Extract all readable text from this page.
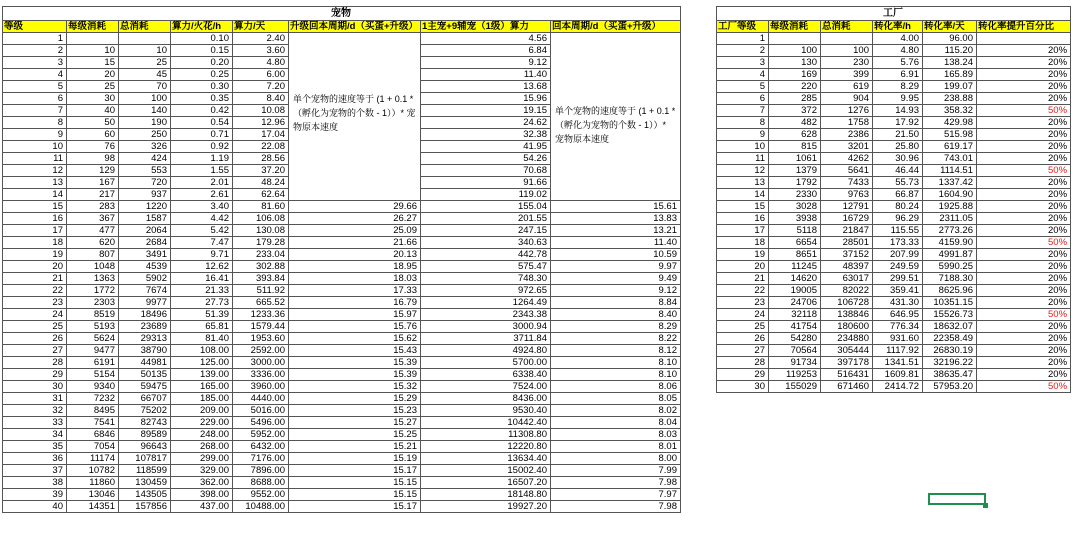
宠物							
等级	每级消耗	总消耗	算力/火花/h	算力/天	升级回本周期/d（买蛋+升级）	1主宠+9辅宠（1级）算力	回本周期/d（买蛋+升级）
1			0.10	2.40	单个宠物的速度等于 (1 + 0.1 * （孵化为宠物的个数 - 1））* 宠物原本速度	4.56	单个宠物的速度等于 (1 + 0.1 * （孵化为宠物的个数 - 1））* 宠物原本速度

2	10	10	0.15	3.60		6.84	
3	15	25	0.20	4.80		9.12	
4	20	45	0.25	6.00		11.40	
5	25	70	0.30	7.20		13.68	
6	30	100	0.35	8.40		15.96	
7	40	140	0.42	10.08		19.15	
8	50	190	0.54	12.96		24.62	
9	60	250	0.71	17.04		32.38	
10	76	326	0.92	22.08		41.95	
11	98	424	1.19	28.56		54.26	
12	129	553	1.55	37.20		70.68	
13	167	720	2.01	48.24		91.66	
14	217	937	2.61	62.64		119.02	
15	283	1220	3.40	81.60	29.66	155.04	15.61
16	367	1587	4.42	106.08	26.27	201.55	13.83
17	477	2064	5.42	130.08	25.09	247.15	13.21
18	620	2684	7.47	179.28	21.66	340.63	11.40
19	807	3491	9.71	233.04	20.13	442.78	10.59
20	1048	4539	12.62	302.88	18.95	575.47	9.97
21	1363	5902	16.41	393.84	18.03	748.30	9.49
22	1772	7674	21.33	511.92	17.33	972.65	9.12
23	2303	9977	27.73	665.52	16.79	1264.49	8.84
24	8519	18496	51.39	1233.36	15.97	2343.38	8.40
25	5193	23689	65.81	1579.44	15.76	3000.94	8.29
26	5624	29313	81.40	1953.60	15.62	3711.84	8.22
27	9477	38790	108.00	2592.00	15.43	4924.80	8.12
28	6191	44981	125.00	3000.00	15.39	5700.00	8.10
29	5154	50135	139.00	3336.00	15.39	6338.40	8.10
30	9340	59475	165.00	3960.00	15.32	7524.00	8.06
31	7232	66707	185.00	4440.00	15.29	8436.00	8.05
32	8495	75202	209.00	5016.00	15.23	9530.40	8.02
33	7541	82743	229.00	5496.00	15.27	10442.40	8.04
34	6846	89589	248.00	5952.00	15.25	11308.80	8.03
35	7054	96643	268.00	6432.00	15.21	12220.80	8.01
36	11174	107817	299.00	7176.00	15.19	13634.40	8.00
37	10782	118599	329.00	7896.00	15.17	15002.40	7.99
38	11860	130459	362.00	8688.00	15.15	16507.20	7.98
39	13046	143505	398.00	9552.00	15.15	18148.80	7.97
40	14351	157856	437.00	10488.00	15.17	19927.20	7.98
工厂					
工厂等级	每级消耗	总消耗	转化率/h	转化率/天	转化率提升百分比
1			4.00	96.00	
2	100	100	4.80	115.20	20%
3	130	230	5.76	138.24	20%
4	169	399	6.91	165.89	20%
5	220	619	8.29	199.07	20%
6	285	904	9.95	238.88	20%
7	372	1276	14.93	358.32	50%
8	482	1758	17.92	429.98	20%
9	628	2386	21.50	515.98	20%
10	815	3201	25.80	619.17	20%
11	1061	4262	30.96	743.01	20%
12	1379	5641	46.44	1114.51	50%
13	1792	7433	55.73	1337.42	20%
14	2330	9763	66.87	1604.90	20%
15	3028	12791	80.24	1925.88	20%
16	3938	16729	96.29	2311.05	20%
17	5118	21847	115.55	2773.26	20%
18	6654	28501	173.33	4159.90	50%
19	8651	37152	207.99	4991.87	20%
20	11245	48397	249.59	5990.25	20%
21	14620	63017	299.51	7188.30	20%
22	19005	82022	359.41	8625.96	20%
23	24706	106728	431.30	10351.15	20%
24	32118	138846	646.95	15526.73	50%
25	41754	180600	776.34	18632.07	20%
26	54280	234880	931.60	22358.49	20%
27	70564	305444	1117.92	26830.19	20%
28	91734	397178	1341.51	32196.22	20%
29	119253	516431	1609.81	38635.47	20%
30	155029	671460	2414.72	57953.20	50%
